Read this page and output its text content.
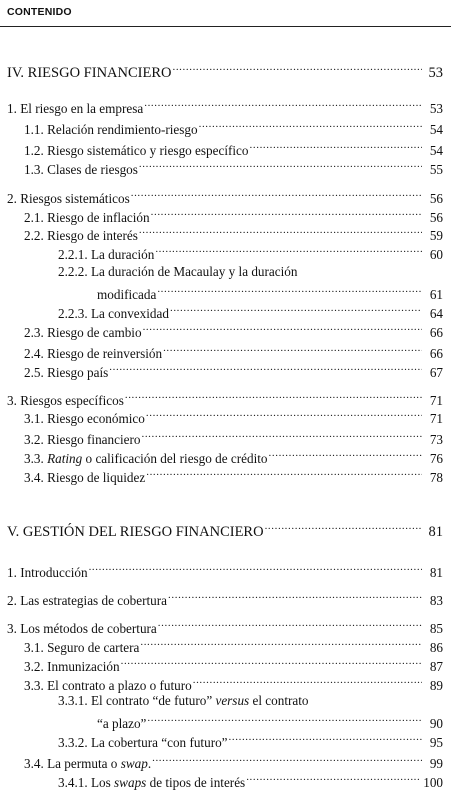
CONTENIDO
IV. RIESGO FINANCIERO .....	53
1. El riesgo en la empresa .....	53
1.1. Relación rendimiento-riesgo .....	54
1.2. Riesgo sistemático y riesgo específico .....	54
1.3. Clases de riesgos .....	55
2. Riesgos sistemáticos .....	56
2.1. Riesgo de inflación .....	56
2.2. Riesgo de interés .....	59
2.2.1. La duración .....	60
2.2.2. La duración de Macaulay y la duración
modificada .....	61
2.2.3. La convexidad .....	64
2.3. Riesgo de cambio .....	66
2.4. Riesgo de reinversión .....	66
2.5. Riesgo país .....	67
3. Riesgos específicos .....	71
3.1. Riesgo económico .....	71
3.2. Riesgo financiero .....	73
3.3. Rating o calificación del riesgo de crédito .....	76
3.4. Riesgo de liquidez .....	78
V. GESTIÓN DEL RIESGO FINANCIERO .....	81
1. Introducción .....	81
2. Las estrategias de cobertura .....	83
3. Los métodos de cobertura .....	85
3.1. Seguro de cartera .....	86
3.2. Inmunización .....	87
3.3. El contrato a plazo o futuro .....	89
3.3.1. El contrato “de futuro” versus el contrato
“a plazo” .....	90
3.3.2. La cobertura “con futuro” .....	95
3.4. La permuta o swap. .....	99
3.4.1. Los swaps de tipos de interés .....	100
